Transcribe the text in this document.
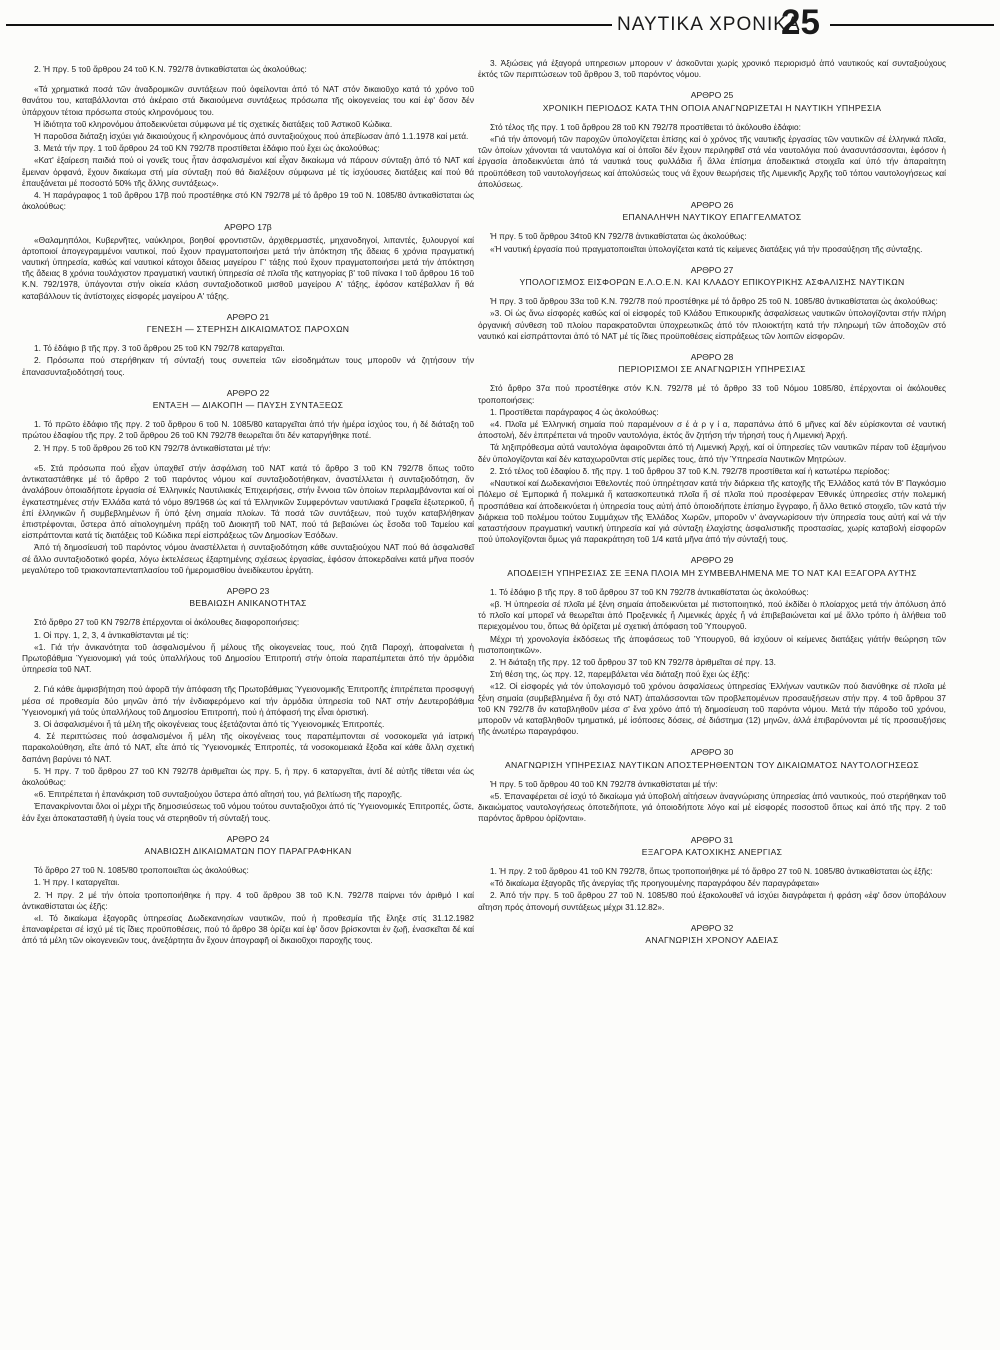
ΝΑΥΤΙΚΑ ΧΡΟΝΙΚΑ
25

2. Ἡ πργ. 5 τοῦ ἄρθρου 24 τοῦ Κ.Ν. 792/78 ἀντικαθίσταται ὡς ἀκολούθως:

«Τά χρηματικά ποσά τῶν ἀναδρομικῶν συντάξεων πού ὀφείλονται ἀπό τό ΝΑΤ στόν δικαιοῦχο κατά τό χρόνο τοῦ θανάτου του, καταβάλλονται στό ἀκέραιο στά δικαιούμενα συντάξεως πρόσωπα τῆς οἰκογενείας του καί ἐφ' ὅσον δέν ὑπάρχουν τέτοια πρόσωπα στούς κληρονόμους του.

Ἡ ἰδιότητα τοῦ κληρονόμου ἀποδεικνύεται σύμφωνα μέ τίς σχετικές διατάξεις τοῦ Ἀστικοῦ Κώδικα.

Ἡ παροῦσα διάταξη ἰσχύει γιά δικαιούχους ἤ κληρονόμους ἀπό συνταξιούχους πού ἀπεβίωσαν ἀπό 1.1.1978 καί μετά.

3. Μετά τήν πργ. 1 τοῦ ἄρθρου 24 τοῦ ΚΝ 792/78 προστίθεται ἐδάφιο πού ἔχει ὡς ἀκολούθως:

«Κατ' ἐξαίρεση παιδιά πού οἱ γονεῖς τους ἦταν ἀσφαλισμένοι καί εἶχαν δικαίωμα νά πάρουν σύνταξη ἀπό τό ΝΑΤ καί ἔμειναν ὀρφανά, ἔχουν δικαίωμα στή μία σύνταξη πού θά διαλέξουν σύμφωνα μέ τίς ἰσχύουσες διατάξεις καί πού θά ἐπαυξάνεται μέ ποσοστό 50% τῆς ἄλλης συντάξεως».

4. Ἡ παράγραφος 1 τοῦ ἄρθρου 17β πού προστέθηκε στό ΚΝ 792/78 μέ τό ἄρθρο 19 τοῦ Ν. 1085/80 ἀντικαθίσταται ὡς ἀκολούθως:

ΑΡΘΡΟ 17β

«Θαλαμηπόλοι, Κυβερνῆτες, ναύκληροι, βοηθοί φροντιστῶν, ἀρχιθερμαστές, μηχανοδηγοί, λιπαντές, ξυλουργοί καί ἀρτοποιοί ἀπογεγραμμένοι ναυτικοί, πού ἔχουν πραγματοποιήσει μετά τήν ἀπόκτηση τῆς ἄδειας 6 χρόνια πραγματική ναυτική ὑπηρεσία, καθώς καί ναυτικοί κάτοχοι ἄδειας μαγείρου Γ' τάξης πού ἔχουν πραγματοποιήσει μετά τήν ἀπόκτηση τῆς ἄδειας 8 χρόνια τουλάχιστον πραγματική ναυτική ὑπηρεσία σέ πλοῖα τῆς κατηγορίας β' τοῦ πίνακα Ι τοῦ ἄρθρου 16 τοῦ Κ.Ν. 792/1978, ὑπάγονται στήν οἰκεία κλάση συνταξιοδοτικοῦ μισθοῦ μαγείρου Α' τάξης, ἐφόσον κατέβαλλαν ἤ θά καταβάλλουν τίς ἀντίστοιχες εἰσφορές μαγείρου Α' τάξης.

ΑΡΘΡΟ 21
ΓΕΝΕΣΗ — ΣΤΕΡΗΣΗ ΔΙΚΑΙΩΜΑΤΟΣ ΠΑΡΟΧΩΝ

1. Τό ἐδάφιο β τῆς πργ. 3 τοῦ ἄρθρου 25 τοῦ ΚΝ 792/78 καταργεῖται.

2. Πρόσωπα πού στερήθηκαν τή σύνταξή τους συνεπεία τῶν εἰσοδημάτων τους μποροῦν νά ζητήσουν τήν ἐπανασυνταξιοδότησή τους.

ΑΡΘΡΟ 22
ΕΝΤΑΞΗ — ΔΙΑΚΟΠΗ — ΠΑΥΣΗ ΣΥΝΤΑΞΕΩΣ

1. Τό πρῶτο ἐδάφιο τῆς πργ. 2 τοῦ ἄρθρου 6 τοῦ Ν. 1085/80 καταργεῖται ἀπό τήν ἡμέρα ἰσχύος του, ἡ δέ διάταξη τοῦ πρώτου ἐδαφίου τῆς πργ. 2 τοῦ ἄρθρου 26 τοῦ ΚΝ 792/78 θεωρεῖται ὅτι δέν καταργήθηκε ποτέ.

2. Ἡ πργ. 5 τοῦ ἄρθρου 26 τοῦ ΚΝ 792/78 ἀντικαθίσταται μέ τήν:

«5. Στά πρόσωπα πού εἶχαν ὑπαχθεῖ στήν ἀσφάλιση τοῦ ΝΑΤ κατά τό ἄρθρο 3 τοῦ ΚΝ 792/78 ὅπως τοῦτο ἀντικαταστάθηκε μέ τό ἄρθρο 2 τοῦ παρόντος νόμου καί συνταξιοδοτήθηκαν, ἀναστέλλεται ἡ συνταξιοδότηση, ἄν ἀναλάβουν ὁποιαδήποτε ἐργασία σέ Ἑλληνικές Ναυτιλιακές Ἐπιχειρήσεις, στήν ἔννοια τῶν ὁποίων περιλαμβάνονται καί οἱ ἐγκατεστημένες στήν Ἑλλάδα κατά τό νόμο 89/1968 ὡς καί τά Ἑλληνικῶν Συμφερόντων ναυτιλιακά Γραφεῖα ἐξωτερικοῦ, ἤ ἐπί ἑλληνικῶν ἤ συμβεβλημένων ἤ ὑπό ξένη σημαία πλοίων. Τά ποσά τῶν συντάξεων, πού τυχόν καταβλήθηκαν ἐπιστρέφονται, ὕστερα ἀπό αἰτιολογημένη πράξη τοῦ Διοικητῆ τοῦ ΝΑΤ, πού τά βεβαιώνει ὡς ἔσοδα τοῦ Ταμείου καί εἰσπράττονται κατά τίς διατάξεις τοῦ Κώδικα περί εἰσπράξεως τῶν Δημοσίων Ἐσόδων.

Ἀπό τή δημοσίευσή τοῦ παρόντος νόμου ἀναστέλλεται ἡ συνταξιοδότηση κάθε συνταξιούχου ΝΑΤ πού θά ἀσφαλισθεῖ σέ ἄλλο συνταξιοδοτικό φορέα, λόγω ἐκτελέσεως ἐξαρτημένης σχέσεως ἐργασίας, ἐφόσον ἀποκερδαίνει κατά μῆνα ποσόν μεγαλύτερο τοῦ τριακονταπενταπλασίου τοῦ ἡμερομισθίου ἀνειδίκευτου ἐργάτη.

ΑΡΘΡΟ 23
ΒΕΒΑΙΩΣΗ ΑΝΙΚΑΝΟΤΗΤΑΣ

Στό ἄρθρο 27 τοῦ ΚΝ 792/78 ἐπέρχονται οἱ ἀκόλουθες διαφοροποιήσεις:

1. Οἱ πργ. 1, 2, 3, 4 ἀντικαθίστανται μέ τίς:

«1. Γιά τήν ἀνικανότητα τοῦ ἀσφαλισμένου ἤ μέλους τῆς οἰκογενείας τους, πού ζητᾶ Παροχή, ἀποφαίνεται ἡ Πρωτοβάθμια Ὑγειονομική γιά τούς ὑπαλλήλους τοῦ Δημοσίου Ἐπιτροπή στήν ὁποία παραπέμπεται ἀπό τήν ἁρμόδια ὑπηρεσία τοῦ ΝΑΤ.

2. Γιά κάθε ἀμφισβήτηση πού ἀφορᾶ τήν ἀπόφαση τῆς Πρωτοβάθμιας Ὑγειονομικῆς Ἐπιτροπῆς ἐπιτρέπεται προσφυγή μέσα σέ προθεσμία δύο μηνῶν ἀπό τήν ἐνδιαφερόμενο καί τήν ἁρμόδια ὑπηρεσία τοῦ ΝΑΤ στήν Δευτεροβάθμια Ὑγειονομική γιά τούς ὑπαλλήλους τοῦ Δημοσίου Ἐπιτροπή, πού ἡ ἀπόφασή της εἶναι ὁριστική.

3. Οἱ ἀσφαλισμένοι ἤ τά μέλη τῆς οἰκογένειας τους ἐξετάζονται ἀπό τίς Ὑγειονομικές Ἐπιτροπές.

4. Σέ περιπτώσεις πού ἀσφαλισμένοι ἤ μέλη τῆς οἰκογένειας τους παραπέμπονται σέ νοσοκομεῖα γιά ἰατρική παρακολούθηση, εἴτε ἀπό τό ΝΑΤ, εἴτε ἀπό τίς Ὑγειονομικές Ἐπιτροπές, τά νοσοκομειακά ἔξοδα καί κάθε ἄλλη σχετική δαπάνη βαρύνει τό ΝΑΤ.

5. Ἡ πργ. 7 τοῦ ἄρθρου 27 τοῦ ΚΝ 792/78 ἀριθμεῖται ὡς πργ. 5, ἡ πργ. 6 καταργεῖται, ἀντί δέ αὐτῆς τίθεται νέα ὡς ἀκολούθως:

«6. Ἐπιτρέπεται ἡ ἐπανάκριση τοῦ συνταξιούχου ὕστερα ἀπό αἴτησή του, γιά βελτίωση τῆς παροχῆς.

Ἐπανακρίνονται ὅλοι οἱ μέχρι τῆς δημοσιεύσεως τοῦ νόμου τούτου συνταξιοῦχοι ἀπό τίς Ὑγειονομικές Ἐπιτροπές, ὥστε, ἐάν ἔχει ἀποκατασταθῆ ἡ ὑγεία τους νά στερηθοῦν τή σύνταξή τους.

ΑΡΘΡΟ 24
ΑΝΑΒΙΩΣΗ ΔΙΚΑΙΩΜΑΤΩΝ ΠΟΥ ΠΑΡΑΓΡΑΦΗΚΑΝ

Τό ἄρθρο 27 τοῦ Ν. 1085/80 τροποποιεῖται ὡς ἀκολούθως:

1. Ἡ πργ. Ι καταργεῖται.

2. Ἡ πργ. 2 μέ τήν ὁποία τροποποιήθηκε ἡ πργ. 4 τοῦ ἄρθρου 38 τοῦ Κ.Ν. 792/78 παίρνει τόν ἀριθμό Ι καί ἀντικαθίσταται ὡς ἑξῆς:

«Ι. Τό δικαίωμα ἐξαγορᾶς ὑπηρεσίας Δωδεκανησίων ναυτικῶν, πού ἡ προθεσμία τῆς ἔληξε στίς 31.12.1982 ἐπαναφέρεται σέ ἰσχύ μέ τίς ἴδιες προϋποθέσεις, πού τό ἄρθρο 38 ὁρίζει καί ἐφ' ὅσον βρίσκονται ἐν ζωῇ, ἐνασκεῖται δέ καί ἀπό τά μέλη τῶν οἰκογενειῶν τους, ἀνεξάρτητα ἄν ἔχουν ἀπογραφῆ οἱ δικαιοῦχοι παροχῆς τους.

3. Ἀξιώσεις γιά ἐξαγορά υπηρεσιων μπορουν ν' ἀσκοῦνται χωρίς χρονικό περιορισμό ἀπό ναυτικούς καί συνταξιούχους ἐκτός τῶν περιπτώσεων τοῦ ἄρθρου 3, τοῦ παρόντος νόμου.

ΑΡΘΡΟ 25
ΧΡΟΝΙΚΗ ΠΕΡΙΟΔΟΣ ΚΑΤΑ ΤΗΝ ΟΠΟΙΑ ΑΝΑΓΝΩΡΙΖΕΤΑΙ Η ΝΑΥΤΙΚΗ ΥΠΗΡΕΣΙΑ

Στό τέλος τῆς πργ. 1 τοῦ ἄρθρου 28 τοῦ ΚΝ 792/78 προστίθεται τό ἀκόλουθο ἐδάφιο:

«Γιά τήν ἀπονομή τῶν παροχῶν ὑπολογίζεται ἐπίσης καί ὁ χρόνος τῆς ναυτικῆς ἐργασίας τῶν ναυτικῶν σέ ἑλληνικά πλοῖα, τῶν ὁποίων χάνονται τά ναυτολόγια καί οἱ ὁποῖοι δέν ἔχουν περιληφθεῖ στά νέα ναυτολόγια πού ἀνασυντάσσονται, ἐφόσον ἡ ἐργασία ἀποδεικνύεται ἀπό τά ναυτικά τους φυλλάδια ἤ ἄλλα ἐπίσημα ἀποδεικτικά στοιχεῖα καί ὑπό τήν ἀπαραίτητη προϋπόθεση τοῦ ναυτολογήσεως καί ἀπολύσεώς τους νά ἔχουν θεωρήσεις τῆς Λιμενικῆς Ἀρχῆς τοῦ τόπου ναυτολογήσεως καί ἀπολύσεως.

ΑΡΘΡΟ 26
ΕΠΑΝΑΛΗΨΗ ΝΑΥΤΙΚΟΥ ΕΠΑΓΓΕΛΜΑΤΟΣ

Ἡ πργ. 5 τοῦ ἄρθρου 34τοῦ ΚΝ 792/78 ἀντικαθίσταται ὡς ἀκολούθως:

«Ἡ ναυτική ἐργασία πού πραγματοποιεῖται ὑπολογίζεται κατά τίς κείμενες διατάξεις γιά τήν προσαύξηση τῆς σύνταξης.

ΑΡΘΡΟ 27
ΥΠΟΛΟΓΙΣΜΟΣ ΕΙΣΦΟΡΩΝ Ε.Λ.Ο.Ε.Ν. ΚΑΙ ΚΛΑΔΟΥ ΕΠΙΚΟΥΡΙΚΗΣ ΑΣΦΑΛΙΣΗΣ ΝΑΥΤΙΚΩΝ

Ἡ πργ. 3 τοῦ ἄρθρου 33α τοῦ Κ.Ν. 792/78 πού προστέθηκε μέ τό ἄρθρο 25 τοῦ Ν. 1085/80 ἀντικαθίσταται ὡς ἀκολούθως:

»3. Οἱ ὡς ἄνω εἰσφορές καθώς καί οἱ εἰσφορές τοῦ Κλάδου Ἐπικουρικῆς ἀσφαλίσεως ναυτικῶν ὑπολογίζονται στήν πλήρη ὀργανική σύνθεση τοῦ πλοίου παρακρατοῦνται ὑποχρεωτικῶς ἀπό τόν πλοιοκτήτη κατά τήν πληρωμή τῶν ἀποδοχῶν στό ναυτικό καί εἰσπράττονται ἀπό τό ΝΑΤ μέ τίς ἴδιες προϋποθέσεις εἰσπράξεως τῶν λοιπῶν εἰσφορῶν.

ΑΡΘΡΟ 28
ΠΕΡΙΟΡΙΣΜΟΙ ΣΕ ΑΝΑΓΝΩΡΙΣΗ ΥΠΗΡΕΣΙΑΣ

Στό ἄρθρο 37α πού προστέθηκε στόν Κ.Ν. 792/78 μέ τό ἄρθρο 33 τοῦ Νόμου 1085/80, ἐπέρχονται οἱ ἀκόλουθες τροποποιήσεις:

1. Προστίθεται παράγραφος 4 ὡς ἀκολούθως:

«4. Πλοῖα μέ Ἑλληνική σημαία πού παραμένουν σ έ ἀ ρ γ ί α, παραπάνω ἀπό 6 μῆνες καί δέν εὑρίσκονται σέ ναυτική ἀποστολή, δέν ἐπιτρέπεται νά τηροῦν ναυτολόγια, ἐκτός ἄν ζητήση τήν τήρησή τους ἡ Λιμενική Ἀρχή.

Τά ληξιπρόθεσμα αὐτά ναυτολόγια ἀφαιροῦνται ἀπό τή Λιμενική Ἀρχή, καί οἱ ὑπηρεσίες τῶν ναυτικῶν πέραν τοῦ ἑξαμήνου δέν ὑπολογίζονται καί δέν καταχωροῦνται στίς μερίδες τους, ἀπό τήν Ὑπηρεσία Ναυτικῶν Μητρώων.

2. Στό τέλος τοῦ ἐδαφίου δ. τῆς πργ. 1 τοῦ ἄρθρου 37 τοῦ Κ.Ν. 792/78 προστίθεται καί ἡ κατωτέρω περίοδος:

«Ναυτικοί καί Δωδεκανήσιοι Ἐθελοντές πού ὑπηρέτησαν κατά τήν διάρκεια τῆς κατοχῆς τῆς Ἑλλάδος κατά τόν Β' Παγκόσμιο Πόλεμο σέ Ἐμπορικά ἤ πολεμικά ἤ κατασκοπευτικά πλοῖα ἤ σέ πλοῖα πού προσέφεραν Ἐθνικές ὑπηρεσίες στήν πολεμική προσπάθεια καί ἀποδεικνύεται ἡ ὑπηρεσία τους αὐτή ἀπό ὁποιοδήποτε ἐπίσημο ἔγγραφο, ἤ ἄλλο θετικό στοιχεῖο, τῶν κατά τήν διάρκεια τοῦ πολέμου τούτου Συμμάχων τῆς Ἑλλάδος Χωρῶν, μποροῦν ν' ἀναγνωρίσουν τήν ὑπηρεσία τους αὐτή καί νά τήν καταστήσουν πραγματική ναυτική ὑπηρεσία καί γιά σύνταξη ἐλαχίστης ἀσφαλιστικῆς προστασίας, χωρίς καταβολή εἰσφορῶν πού ὑπολογίζονται ὅμως γιά παρακράτηση τοῦ 1/4 κατά μῆνα ἀπό τήν σύνταξή τους.

ΑΡΘΡΟ 29
ΑΠΟΔΕΙΞΗ ΥΠΗΡΕΣΙΑΣ ΣΕ ΞΕΝΑ ΠΛΟΙΑ ΜΗ ΣΥΜΒΕΒΛΗΜΕΝΑ ΜΕ ΤΟ ΝΑΤ ΚΑΙ ΕΞΑΓΟΡΑ ΑΥΤΗΣ

1. Τό ἐδάφιο β τῆς πργ. 8 τοῦ ἄρθρου 37 τοῦ ΚΝ 792/78 ἀντικαθίσταται ὡς ἀκολούθως:

«β. Ἡ ὑπηρεσία σέ πλοῖα μέ ξένη σημαία ἀποδεικνύεται μέ πιστοποιητικό, πού ἐκδίδει ὁ πλοίαρχος μετά τήν ἀπόλυση ἀπό τό πλοῖο καί μπορεῖ νά θεωρεῖται ἀπό Προξενικές ἤ Λιμενικές ἀρχές ἤ νά ἐπιβεβαιώνεται καί μέ ἄλλο τρόπο ἡ ἀλήθεια τοῦ περιεχομένου του, ὅπως θά ὁρίζεται μέ σχετική ἀπόφαση τοῦ Ὑπουργοῦ.

Μέχρι τή χρονολογία ἐκδόσεως τῆς ἀποφάσεως τοῦ Ὑπουργοῦ, θά ἰσχύουν οἱ κείμενες διατάξεις γιάτήν θεώρηση τῶν πιστοποιητικῶν».

2. Ἡ διάταξη τῆς πργ. 12 τοῦ ἄρθρου 37 τοῦ ΚΝ 792/78 ἀριθμεῖται σέ πργ. 13.

Στή θέση της, ὡς πργ. 12, παρεμβάλεται νέα διάταξη πού ἔχει ὡς ἑξῆς:

«12. Οἱ εἰσφορές γιά τόν ὑπολογισμό τοῦ χρόνου ἀσφαλίσεως ὑπηρεσίας Ἑλλήνων ναυτικῶν πού διανύθηκε σέ πλοῖα μέ ξένη σημαία (συμβεβλημένα ἤ ὄχι στό ΝΑΤ) ἀπαλάσσονται τῶν προβλεπομένων προσαυξήσεων στήν πργ. 4 τοῦ ἄρθρου 37 τοῦ ΚΝ 792/78 ἄν καταβληθοῦν μέσα σ' ἕνα χρόνο ἀπό τή δημοσίευση τοῦ παρόντα νόμου. Μετά τήν πάροδο τοῦ χρόνου, μποροῦν νά καταβληθοῦν τμηματικά, μέ ἰσόποσες δόσεις, σέ διάστημα (12) μηνῶν, ἀλλά ἐπιβαρύνονται μέ τίς προσαυξήσεις τῆς ἀνωτέρω παραγράφου.

ΑΡΘΡΟ 30
ΑΝΑΓΝΩΡΙΣΗ ΥΠΗΡΕΣΙΑΣ ΝΑΥΤΙΚΩΝ ΑΠΟΣΤΕΡΗΘΕΝΤΩΝ ΤΟΥ ΔΙΚΑΙΩΜΑΤΟΣ ΝΑΥΤΟΛΟΓΗΣΕΩΣ

Ἡ πργ. 5 τοῦ ἄρθρου 40 τοῦ ΚΝ 792/78 ἀντικαθίσταται μέ τήν:

«5. Ἐπαναφέρεται σέ ἰσχύ τό δικαίωμα γιά ὑποβολή αἰτήσεων ἀναγνώρισης ὑπηρεσίας ἀπό ναυτικούς, πού στερήθηκαν τοῦ δικαιώματος ναυτολογήσεως ὁποτεδήποτε, γιά ὁποιοδήποτε λόγο καί μέ εἰσφορές ποσοστοῦ ὅπως καί ἀπό τῆς πργ. 2 τοῦ παρόντος ἄρθρου ὁρίζονται».

ΑΡΘΡΟ 31
ΕΞΑΓΟΡΑ ΚΑΤΟΧΙΚΗΣ ΑΝΕΡΓΙΑΣ

1. Ἡ πργ. 2 τοῦ ἄρθρου 41 τοῦ ΚΝ 792/78, ὅπως τροποποιήθηκε μέ τό ἄρθρο 27 τοῦ Ν. 1085/80 ἀντικαθίσταται ὡς ἑξῆς:

«Τό δικαίωμα ἐξαγορᾶς τῆς ἀνεργίας τῆς προηγουμένης παραγράφου δέν παραγράφεται»

2. Ἀπό τήν πργ. 5 τοῦ ἄρθρου 27 τοῦ Ν. 1085/80 πού ἐξακολουθεῖ νά ἰσχύει διαγράφεται ἡ φράση «ἐφ' ὅσον ὑποβάλουν αἴτηση πρός ἀπονομή συντάξεως μέχρι 31.12.82».

ΑΡΘΡΟ 32
ΑΝΑΓΝΩΡΙΣΗ ΧΡΟΝΟΥ ΑΔΕΙΑΣ
